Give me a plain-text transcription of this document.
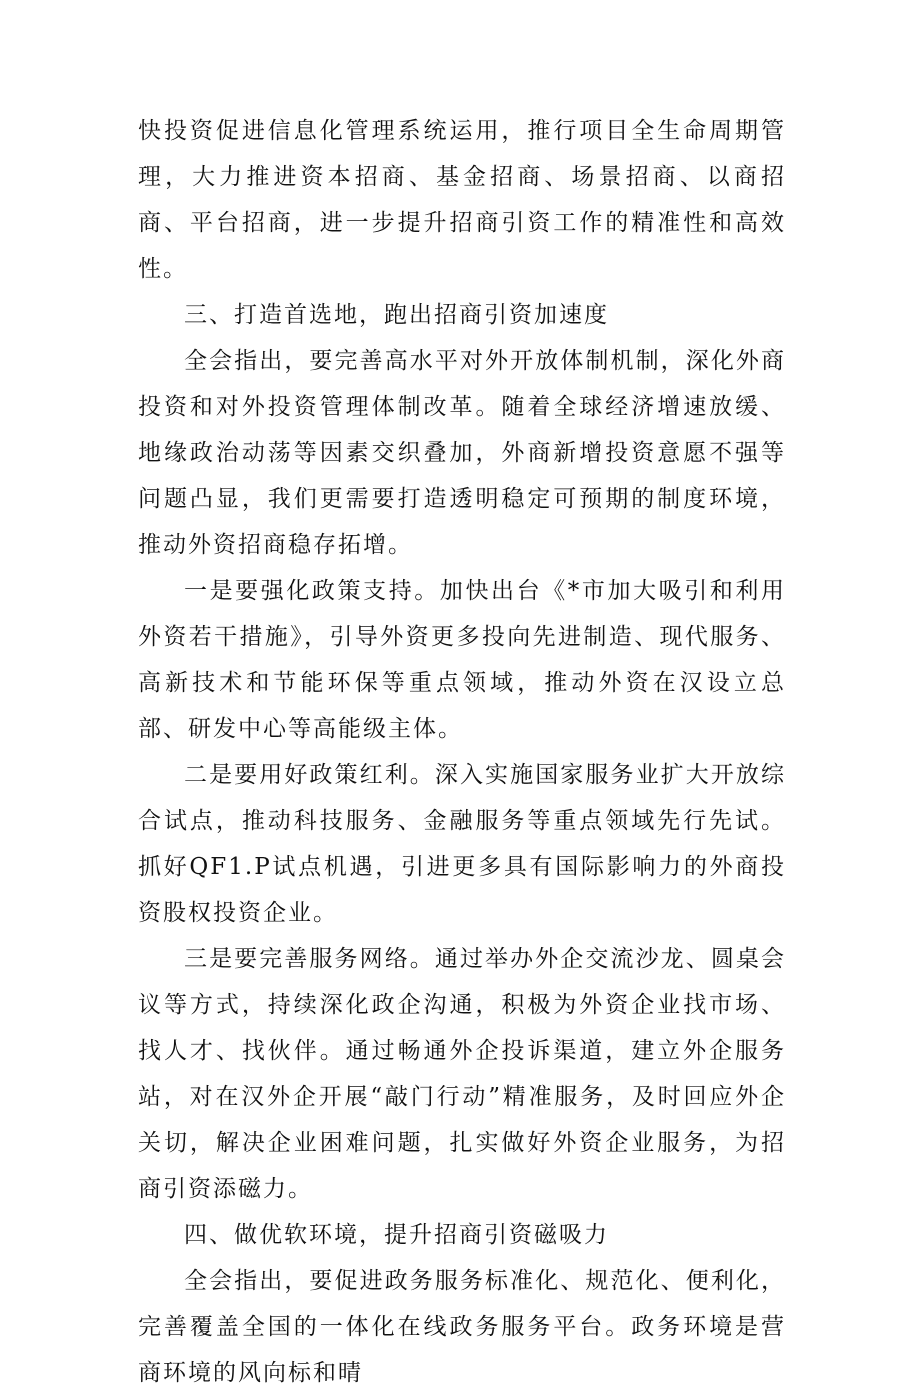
快投资促进信息化管理系统运用，推行项目全生命周期管理，大力推进资本招商、基金招商、场景招商、以商招商、平台招商，进一步提升招商引资工作的精准性和高效性。

三、打造首选地，跑出招商引资加速度

全会指出，要完善高水平对外开放体制机制，深化外商投资和对外投资管理体制改革。随着全球经济增速放缓、地缘政治动荡等因素交织叠加，外商新增投资意愿不强等问题凸显，我们更需要打造透明稳定可预期的制度环境，推动外资招商稳存拓增。

一是要强化政策支持。加快出台《*市加大吸引和利用外资若干措施》，引导外资更多投向先进制造、现代服务、高新技术和节能环保等重点领域，推动外资在汉设立总部、研发中心等高能级主体。

二是要用好政策红利。深入实施国家服务业扩大开放综合试点，推动科技服务、金融服务等重点领域先行先试。抓好QF1.P试点机遇，引进更多具有国际影响力的外商投资股权投资企业。

三是要完善服务网络。通过举办外企交流沙龙、圆桌会议等方式，持续深化政企沟通，积极为外资企业找市场、找人才、找伙伴。通过畅通外企投诉渠道，建立外企服务站，对在汉外企开展“敲门行动”精准服务，及时回应外企关切，解决企业困难问题，扎实做好外资企业服务，为招商引资添磁力。

四、做优软环境，提升招商引资磁吸力

全会指出，要促进政务服务标准化、规范化、便利化，完善覆盖全国的一体化在线政务服务平台。政务环境是营商环境的风向标和晴
